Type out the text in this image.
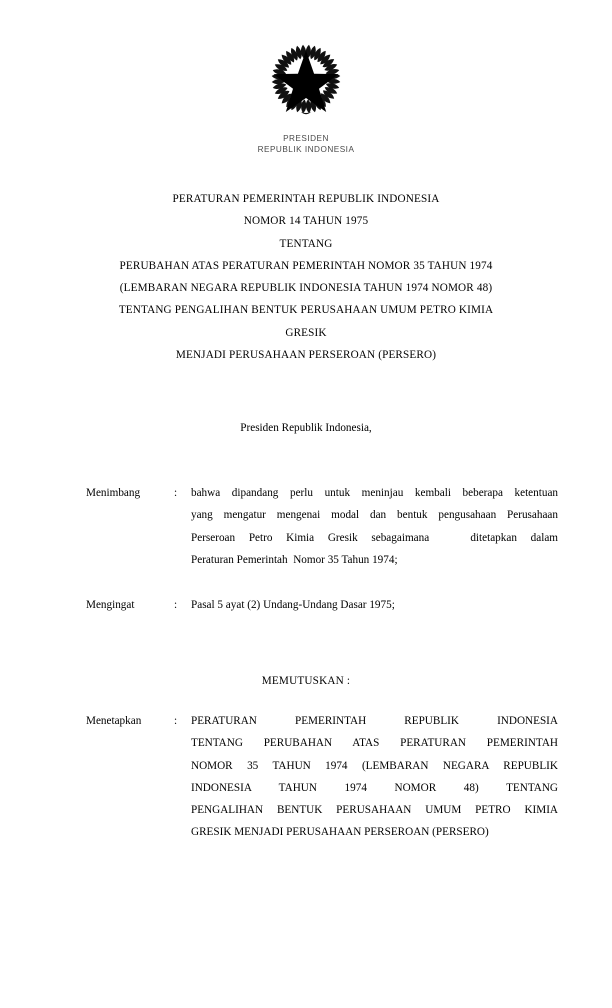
PRESIDEN
REPUBLIK INDONESIA
PERATURAN PEMERINTAH REPUBLIK INDONESIA
NOMOR 14 TAHUN 1975
TENTANG
PERUBAHAN ATAS PERATURAN PEMERINTAH NOMOR 35 TAHUN 1974
(LEMBARAN NEGARA REPUBLIK INDONESIA TAHUN 1974 NOMOR 48)
TENTANG PENGALIHAN BENTUK PERUSAHAAN UMUM PETRO KIMIA
GRESIK
MENJADI PERUSAHAAN PERSEROAN (PERSERO)
Presiden Republik Indonesia,
Menimbang	:	bahwa dipandang perlu untuk meninjau kembali beberapa ketentuan
yang mengatur mengenai modal dan bentuk pengusahaan Perusahaan
Perseroan Petro Kimia Gresik sebagaimana   ditetapkan dalam
Peraturan Pemerintah  Nomor 35 Tahun 1974;
Mengingat	:	Pasal 5 ayat (2) Undang-Undang Dasar 1975;
MEMUTUSKAN :
Menetapkan	:	PERATURAN PEMERINTAH REPUBLIK INDONESIA
TENTANG PERUBAHAN ATAS PERATURAN PEMERINTAH
NOMOR 35 TAHUN 1974 (LEMBARAN NEGARA REPUBLIK
INDONESIA TAHUN 1974 NOMOR 48) TENTANG
PENGALIHAN BENTUK PERUSAHAAN UMUM PETRO KIMIA
GRESIK MENJADI PERUSAHAAN PERSEROAN (PERSERO)
